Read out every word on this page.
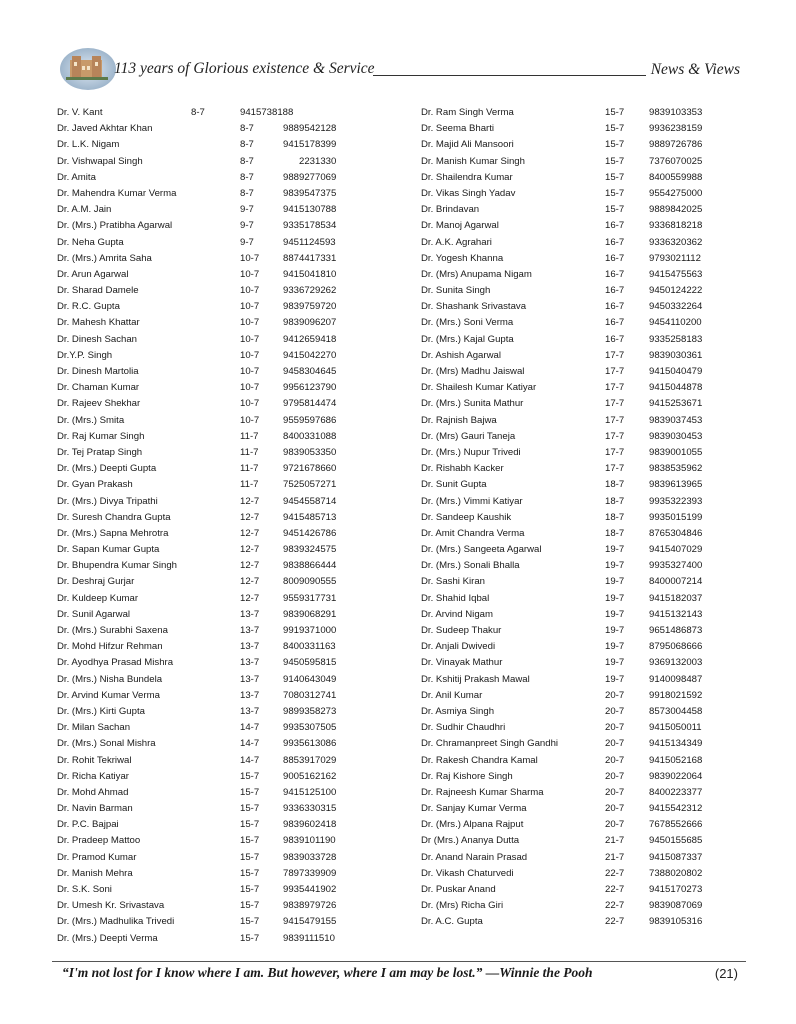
113 years of Glorious existence & Service	News & Views
Dr. V. Kant	8-7	9415738188
Dr. Javed Akhtar Khan	8-7	9889542128
Dr. L.K. Nigam	8-7	9415178399
Dr. Vishwapal Singh	8-7	2231330
Dr. Amita	8-7	9889277069
Dr. Mahendra Kumar Verma	8-7	9839547375
Dr. A.M. Jain	9-7	9415130788
Dr. (Mrs.) Pratibha Agarwal	9-7	9335178534
Dr. Neha Gupta	9-7	9451124593
Dr. (Mrs.) Amrita Saha	10-7 8874417331
Dr. Arun Agarwal	10-7 9415041810
Dr. Sharad Damele	10-7 9336729262
Dr. R.C. Gupta	10-7 9839759720
Dr. Mahesh Khattar	10-7 9839096207
Dr. Dinesh Sachan	10-7 9412659418
Dr.Y.P. Singh	10-7 9415042270
Dr. Dinesh Martolia	10-7 9458304645
Dr. Chaman Kumar	10-7 9956123790
Dr. Rajeev Shekhar	10-7 9795814474
Dr. (Mrs.) Smita	10-7 9559597686
Dr. Raj Kumar Singh	11-7	8400331088
Dr. Tej Pratap Singh	11-7	9839053350
Dr. (Mrs.) Deepti Gupta	11-7	9721678660
Dr. Gyan Prakash	11-7	7525057271
Dr. (Mrs.) Divya Tripathi	12-7 9454558714
Dr. Suresh Chandra Gupta	12-7 9415485713
Dr. (Mrs.) Sapna Mehrotra	12-7 9451426786
Dr. Sapan Kumar Gupta	12-7 9839324575
Dr. Bhupendra Kumar Singh	12-7 9838866444
Dr. Deshraj Gurjar	12-7 8009090555
Dr. Kuldeep Kumar	12-7 9559317731
Dr. Sunil Agarwal	13-7 9839068291
Dr. (Mrs.) Surabhi Saxena	13-7 9919371000
Dr. Mohd Hifzur Rehman	13-7 8400331163
Dr. Ayodhya Prasad Mishra	13-7 9450595815
Dr. (Mrs.) Nisha Bundela	13-7 9140643049
Dr. Arvind Kumar Verma	13-7 7080312741
Dr. (Mrs.) Kirti Gupta	13-7 9899358273
Dr. Milan Sachan	14-7 9935307505
Dr. (Mrs.) Sonal Mishra	14-7 9935613086
Dr. Rohit Tekriwal	14-7 8853917029
Dr. Richa Katiyar	15-7 9005162162
Dr. Mohd Ahmad	15-7 9415125100
Dr. Navin Barman	15-7 9336330315
Dr. P.C. Bajpai	15-7 9839602418
Dr. Pradeep Mattoo	15-7 9839101190
Dr. Pramod Kumar	15-7 9839033728
Dr. Manish Mehra	15-7 7897339909
Dr. S.K. Soni	15-7 9935441902
Dr. Umesh Kr. Srivastava	15-7 9838979726
Dr. (Mrs.) Madhulika Trivedi	15-7 9415479155
Dr. (Mrs.) Deepti Verma	15-7 9839111510
Dr. Ram Singh Verma	15-7	9839103353
Dr. Seema Bharti	15-7	9936238159
Dr. Majid Ali Mansoori	15-7	9889726786
Dr. Manish Kumar Singh	15-7	7376070025
Dr. Shailendra Kumar	15-7	8400559988
Dr. Vikas Singh Yadav	15-7	9554275000
Dr. Brindavan	15-7	9889842025
Dr. Manoj Agarwal	16-7	9336818218
Dr. A.K. Agrahari	16-7	9336320362
Dr. Yogesh Khanna	16-7	9793021112
Dr. (Mrs) Anupama Nigam	16-7	9415475563
Dr. Sunita Singh	16-7	9450124222
Dr. Shashank Srivastava	16-7	9450332264
Dr. (Mrs.) Soni Verma	16-7	9454110200
Dr. (Mrs.) Kajal Gupta	16-7	9335258183
Dr. Ashish Agarwal	17-7	9839030361
Dr. (Mrs) Madhu Jaiswal	17-7	9415040479
Dr. Shailesh Kumar Katiyar	17-7	9415044878
Dr. (Mrs.) Sunita Mathur	17-7	9415253671
Dr. Rajnish Bajwa	17-7	9839037453
Dr. (Mrs) Gauri Taneja	17-7	9839030453
Dr. (Mrs.) Nupur Trivedi	17-7	9839001055
Dr. Rishabh Kacker	17-7	9838535962
Dr. Sunit Gupta	18-7	9839613965
Dr. (Mrs.) Vimmi Katiyar	18-7	9935322393
Dr. Sandeep Kaushik	18-7	9935015199
Dr. Amit Chandra Verma	18-7	8765304846
Dr. (Mrs.) Sangeeta Agarwal	19-7	9415407029
Dr. (Mrs.) Sonali Bhalla	19-7	9935327400
Dr. Sashi Kiran	19-7	8400007214
Dr. Shahid Iqbal	19-7	9415182037
Dr. Arvind Nigam	19-7	9415132143
Dr. Sudeep Thakur	19-7	9651486873
Dr. Anjali Dwivedi	19-7	8795068666
Dr. Vinayak Mathur	19-7	9369132003
Dr. Kshitij Prakash Mawal	19-7	9140098487
Dr. Anil Kumar	20-7	9918021592
Dr. Asmiya Singh	20-7	8573004458
Dr. Sudhir Chaudhri	20-7	9415050011
Dr. Chramanpreet Singh Gandhi	20-7	9415134349
Dr. Rakesh Chandra Kamal	20-7	9415052168
Dr. Raj Kishore Singh	20-7	9839022064
Dr. Rajneesh Kumar Sharma	20-7	8400223377
Dr. Sanjay Kumar Verma	20-7	9415542312
Dr. (Mrs.) Alpana Rajput	20-7	7678552666
Dr (Mrs.) Ananya Dutta	21-7	9450155685
Dr. Anand Narain Prasad	21-7	9415087337
Dr. Vikash Chaturvedi	22-7	7388020802
Dr. Puskar Anand	22-7	9415170273
Dr. (Mrs) Richa Giri	22-7	9839087069
Dr. A.C. Gupta	22-7	9839105316
“I'm not lost for I know where I am. But however, where I am may be lost.” —Winnie the Pooh	(21)
